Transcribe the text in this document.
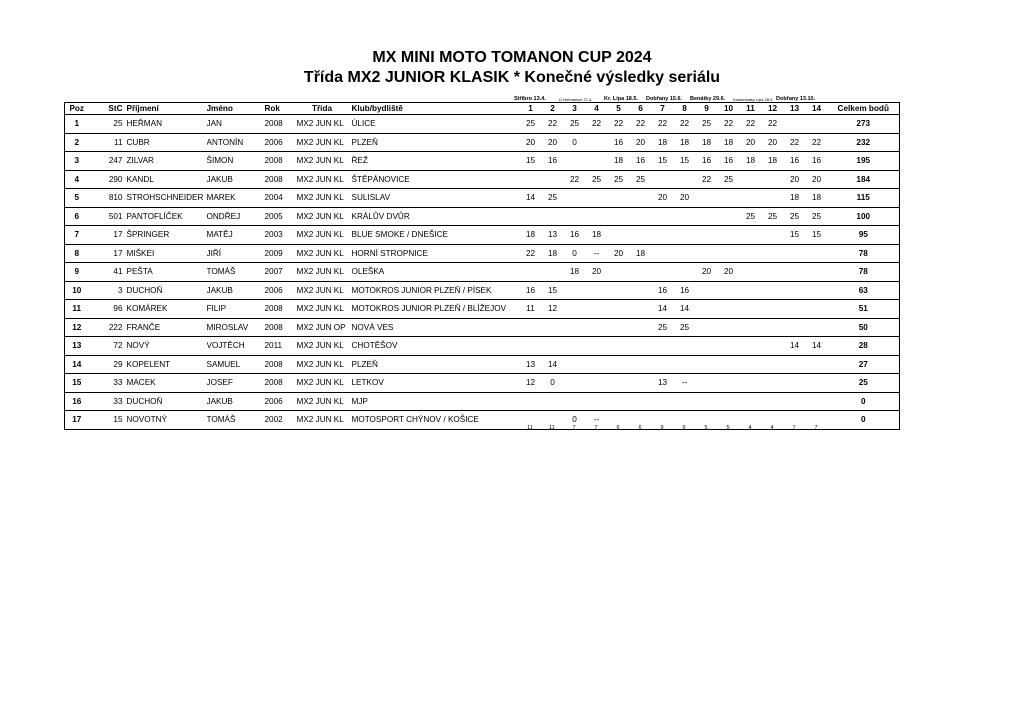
MX MINI MOTO TOMANON CUP 2024
Třída MX2 JUNIOR KLASIK * Konečné výsledky seriálu
Stříbro 13.4.	D.Heřmanice 27.4. Kr. Lípa 18.5. Dobřany 15.6. Benátky 29.6. Kostomlatsy Lipa 28.9. Dobřany 13.10.
Poz	StC	Příjmení	Jméno	Rok	Třída	Klub/bydliště	1	2	3	4	5	6	7	8	9	10	11	12	13	14	Celkem bodů
1	25	HEŘMAN	JAN	2008	MX2 JUN KL	ÚLICE	25	22	25	22	22	22	22	22	25	22	22	22			273
2	11	CUBR	ANTONÍN	2006	MX2 JUN KL	PLZEŇ	20	20	0		16	20	18	18	18	18	20	20	22	22	232
3	247	ZILVAR	ŠIMON	2008	MX2 JUN KL	ŘEŽ	15	16			18	16	15	15	16	16	18	18	16	16	195
4	290	KANDL	JAKUB	2008	MX2 JUN KL	ŠTĚPÁNOVICE			22	25	25	25			22	25			20	20	184
5	810	STROHSCHNEIDER	MAREK	2004	MX2 JUN KL	SULISLAV	14	25					20	20					18	18	115
6	501	PANTOFLÍČEK	ONDŘEJ	2005	MX2 JUN KL	KRÁLŮV DVŮR											25	25	25	25	100
7	17	ŠPRINGER	MATĚJ	2003	MX2 JUN KL	BLUE SMOKE / DNEŠICE	18	13	16	18									15	15	95
8	17	MIŠKEI	JIŘÍ	2009	MX2 JUN KL	HORNÍ STROPNICE	22	18	0	--	20	18									78
9	41	PEŠTA	TOMÁŠ	2007	MX2 JUN KL	OLEŠKA			18	20					20	20					78
10	3	DUCHOŇ	JAKUB	2006	MX2 JUN KL	MOTOKROS JUNIOR PLZEŇ / PÍSEK	16	15					16	16							63
11	96	KOMÁREK	FILIP	2008	MX2 JUN KL	MOTOKROS JUNIOR PLZEŇ / BLÍŽEJOV	11	12					14	14							51
12	222	FRANČE	MIROSLAV	2008	MX2 JUN OP	NOVÁ VES							25	25							50
13	72	NOVÝ	VOJTĚCH	2011	MX2 JUN KL	CHOTĚŠOV													14	14	28
14	29	KOPELENT	SAMUEL	2008	MX2 JUN KL	PLZEŇ	13	14													27
15	33	MACEK	JOSEF	2008	MX2 JUN KL	LETKOV	12	0					13	--							25
16	33	DUCHOŇ	JAKUB	2006	MX2 JUN KL	MJP															0
17	15	NOVOTNÝ	TOMÁŠ	2002	MX2 JUN KL	MOTOSPORT CHÝNOV / KOŠICE			0	--											0
11	11	7	7	6	6	9	9	5	5	4	4	7	7
